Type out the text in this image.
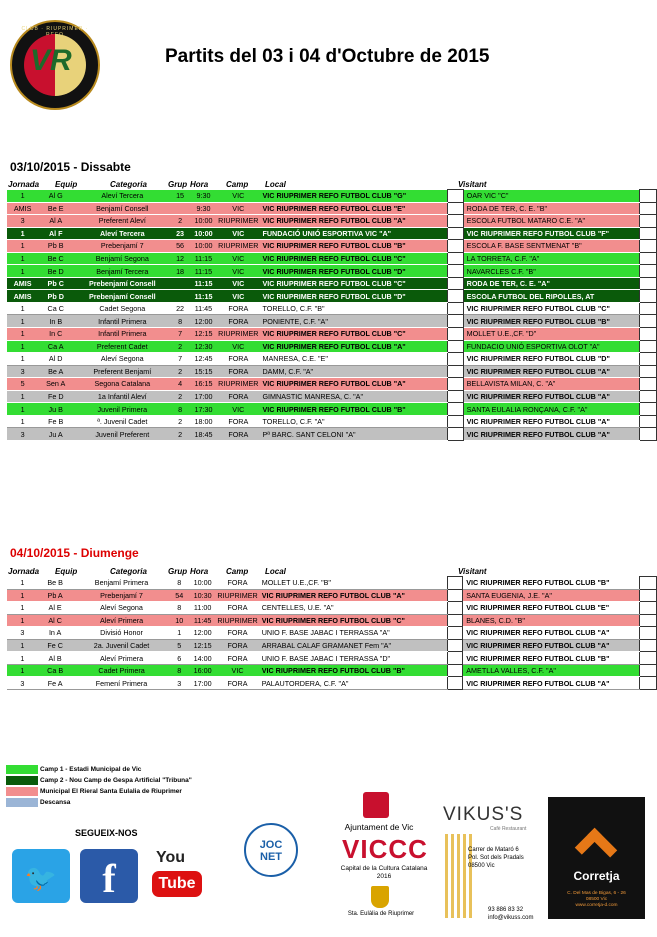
CLUB · RIUPRIMER ·
VR	Partits del 03 i 04 d'Octubre de 2015
03/10/2015 - Dissabte
Jornada Equip	Categoria	Grup Hora Camp Local	Visitant
1	Al G	Aleví Tercera	15	9:30	VIC	VIC RIUPRIMER REFO FUTBOL CLUB "G"			OAR VIC "C"	
AMIS	Be E	Benjamí Consell		9:30	VIC	VIC RIUPRIMER REFO FUTBOL CLUB "E"			RODA DE TER, C. E. "B"	
3	Al A	Preferent Aleví	2	10:00	RIUPRIMER	VIC RIUPRIMER REFO FUTBOL CLUB "A"			ESCOLA FUTBOL MATARO C.E. "A"	
1	Al F	Aleví Tercera	23	10:00	VIC	FUNDACIÓ UNIÓ ESPORTIVA VIC "A"			VIC RIUPRIMER REFO FUTBOL CLUB "F"	
1	Pb B	Prebenjamí 7	56	10:00	RIUPRIMER	VIC RIUPRIMER REFO FUTBOL CLUB "B"			ESCOLA F. BASE SENTMENAT "B"	
1	Be C	Benjamí Segona	12	11:15	VIC	VIC RIUPRIMER REFO FUTBOL CLUB "C"			LA TORRETA, C.F. "A"	
1	Be D	Benjamí Tercera	18	11:15	VIC	VIC RIUPRIMER REFO FUTBOL CLUB "D"			NAVARCLES C.F. "B"	
AMIS	Pb C	Prebenjamí Consell		11:15	VIC	VIC RIUPRIMER REFO FUTBOL CLUB "C"			RODA DE TER, C. E. "A"	
AMIS	Pb D	Prebenjamí Consell		11:15	VIC	VIC RIUPRIMER REFO FUTBOL CLUB "D"			ESCOLA FUTBOL DEL RIPOLLES, AT	
1	Ca C	Cadet Segona	22	11:45	FORA	TORELLO, C.F. "B"			VIC RIUPRIMER REFO FUTBOL CLUB "C"	
1	In B	Infantil Primera	8	12:00	FORA	PONIENTE, C.F. "A"			VIC RIUPRIMER REFO FUTBOL CLUB "B"	
1	In C	Infantil Primera	7	12:15	RIUPRIMER	VIC RIUPRIMER REFO FUTBOL CLUB "C"			MOLLET U.E.,CF. "D"	
1	Ca A	Preferent Cadet	2	12:30	VIC	VIC RIUPRIMER REFO FUTBOL CLUB "A"			FUNDACIO UNIÓ ESPORTIVA OLOT "A"	
1	Al D	Aleví Segona	7	12:45	FORA	MANRESA, C.E. "E"			VIC RIUPRIMER REFO FUTBOL CLUB "D"	
3	Be A	Preferent Benjamí	2	15:15	FORA	DAMM, C.F. "A"			VIC RIUPRIMER REFO FUTBOL CLUB "A"	
5	Sen A	Segona Catalana	4	16:15	RIUPRIMER	VIC RIUPRIMER REFO FUTBOL CLUB "A"			BELLAVISTA MILAN, C. "A"	
1	Fe D	1a Infantil Aleví	2	17:00	FORA	GIMNASTIC MANRESA, C. "A"			VIC RIUPRIMER REFO FUTBOL CLUB "A"	
1	Ju B	Juvenil Primera	8	17:30	VIC	VIC RIUPRIMER REFO FUTBOL CLUB "B"			SANTA EULALIA RONÇANA, C.F. "A"	
1	Fe B	ª. Juvenil Cadet	2	18:00	FORA	TORELLO, C.F. "A"			VIC RIUPRIMER REFO FUTBOL CLUB "A"	
3	Ju A	Juvenil Preferent	2	18:45	FORA	Pª BARC. SANT CELONI "A"			VIC RIUPRIMER REFO FUTBOL CLUB "A"	
04/10/2015 - Diumenge
Jornada Equip	Categoria	Grup Hora Camp Local	Visitant
1	Be B	Benjamí Primera	8	10:00	FORA	MOLLET U.E.,CF. "B"			VIC RIUPRIMER REFO FUTBOL CLUB "B"	
1	Pb A	Prebenjamí 7	54	10:30	RIUPRIMER	VIC RIUPRIMER REFO FUTBOL CLUB "A"			SANTA EUGENIA, J.E. "A"	
1	Al E	Aleví Segona	8	11:00	FORA	CENTELLES, U.E. "A"			VIC RIUPRIMER REFO FUTBOL CLUB "E"	
1	Al C	Aleví Primera	10	11:45	RIUPRIMER	VIC RIUPRIMER REFO FUTBOL CLUB "C"			BLANES, C.D. "B"	
3	In A	Divisió Honor	1	12:00	FORA	UNIO F. BASE JABAC I TERRASSA "A"			VIC RIUPRIMER REFO FUTBOL CLUB "A"	
1	Fe C	2a. Juvenil Cadet	5	12:15	FORA	ARRABAL CALAF GRAMANET Fem "A"			VIC RIUPRIMER REFO FUTBOL CLUB "A"	
1	Al B	Aleví Primera	6	14:00	FORA	UNIO F. BASE JABAC I TERRASSA "D"			VIC RIUPRIMER REFO FUTBOL CLUB "B"	
1	Ca B	Cadet Primera	8	16:00	VIC	VIC RIUPRIMER REFO FUTBOL CLUB "B"			AMETLLA VALLES, C.F. "A"	
3	Fe A	Femení Primera	3	17:00	FORA	PALAUTORDERA, C.F. "A"			VIC RIUPRIMER REFO FUTBOL CLUB "A"	
Camp 1 - Estadi Municipal de Vic
Camp 2 - Nou Camp de Gespa Artificial "Tribuna"
Municipal El Rieral Santa Eulalia de Riuprimer
Descansa
SEGUEIX-NOS
🐦	f	You
Tube
JOC
NET
Ajuntament de Vic
VICCC
Capital de la Cultura Catalana 2016
Sta. Eulàlia de Riuprimer
VIKUS'S
Cafè Restaurant
Carrer de Mataró 6
Pol. Sot dels Pradals
08500 Vic
93 886 83 32
info@vikuss.com
Corretja
C. Del Mas de Bigas, 6 - 26
08500 Vic
www.corretja-d.com
